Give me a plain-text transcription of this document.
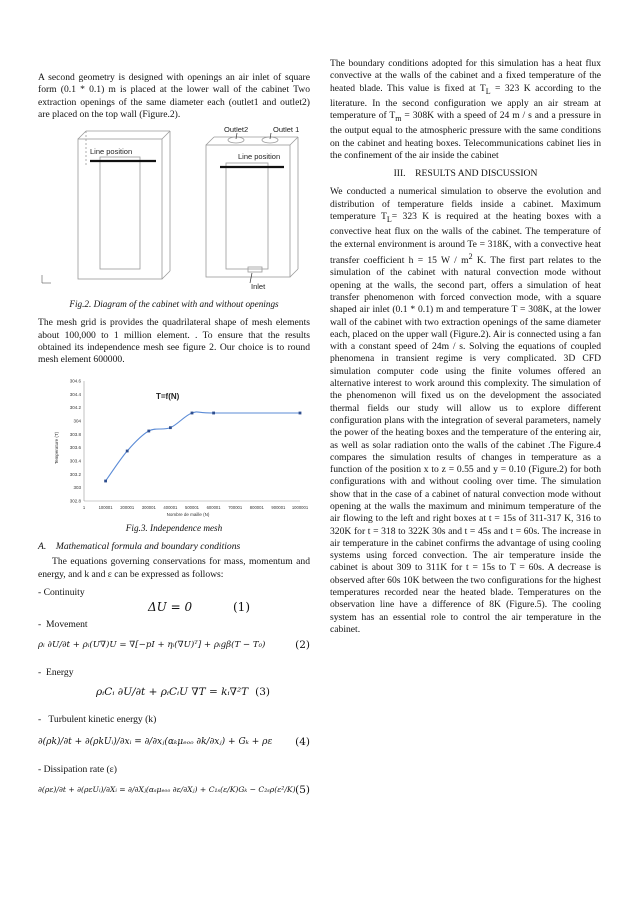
A second geometry is designed with openings an air inlet of square form (0.1 * 0.1) m is placed at the lower wall of the cabinet Two extraction openings of the same diameter each (outlet1 and outlet2) are placed on the top wall (Figure.2).

Line position
Outlet2	Outlet 1
Line position
Inlet
Fig.2. Diagram of the cabinet with and without openings

The mesh grid is provides the quadrilateral shape of mesh elements about 100,000 to 1 million element. . To ensure that the results obtained its independence mesh see figure 2. Our choice is to round mesh element 600000.

302.8
303
303.2
303.4
303.6
303.8
304
304.2
304.4
304.6
1	100001 200001 300001 400001 500001 600001 700001 800001 900001 1000001
T=f(N)
Nombre de maille (N)
Temperature (T)
Fig.3. Independence mesh
A.    Mathematical formula and boundary conditions

The equations governing conservations for mass, momentum and energy, and k and ε can be expressed as follows:

- Continuity
ΔU = 0	(1)
-  Movement
ρᵢ ∂U/∂t + ρᵢ(U∇)U = ∇[−pI + ηᵢ(∇U)ᵀ] + ρᵢgβ(T − T₀)	(2)
-  Energy
ρᵢCᵢ ∂U/∂t + ρᵢCᵢU ∇T = kᵢ∇²T (3)
-   Turbulent kinetic energy (k)
∂(ρk)/∂t + ∂(ρkUᵢ)/∂xᵢ = ∂/∂xⱼ(αₖμₑₒₒ ∂k/∂xⱼ) + Gₖ + ρε (4)
- Dissipation rate (ε)
∂(ρε)/∂t + ∂(ρεUᵢ)/∂Xᵢ = ∂/∂Xⱼ(αₛμₑₒₒ ∂ε/∂Xⱼ) + C₁ₛ(ε/K)Gₖ − C₂ₛρ(ε²/K) (5)

The boundary conditions adopted for this simulation has a heat flux convective at the walls of the cabinet and a fixed temperature of the heated blade. This value is fixed at $T_L = 323$ K according to the literature. In the second configuration we apply an air stream at temperature of $T_m = 308K$ with a speed of 24 m / s and a pressure in the output equal to the atmospheric pressure with the same conditions on the cabinet and heating boxes. Telecommunications cabinet lies in the confinement of the air inside the cabinet

III.    RESULTS AND DISCUSSION

We conducted a numerical simulation to observe the evolution and distribution of temperature fields inside a cabinet. Maximum temperature $T_L= 323$ K is required at the heating boxes with a convective heat flux on the walls of the cabinet. The temperature of the external environment is around Te = 318K, with a convective heat transfer coefficient h = 15 W / $m^2$ K. The first part relates to the simulation of the cabinet with natural convection mode without opening at the walls, the second part, offers a simulation of heat transfer phenomenon with forced convection mode, with a square shaped air inlet (0.1 * 0.1) m and temperature T = 308K, at the lower wall of the cabinet with two extraction openings of the same diameter each, placed on the upper wall (Figure.2). Air is connected using a fan with a constant speed of 24m / s. Solving the equations of coupled phenomena in transient regime is very complicated. 3D CFD simulation computer code using the finite volumes offered an alternative interest to work around this complexity. The simulation of the phenomenon will fixed us on the development the associated thermal fields our study will allow us to explore different configuration plans with the integration of several parameters, namely the power of the heating boxes and the temperature of the entering air, as well as solar radiation onto the walls of the cabinet .The Figure.4 compares the simulation results of changes in temperature as a function of the position x to z = 0.55 and y = 0.10 (Figure.2) for both configurations with and without cooling over time. The simulation show that in the case of a cabinet of natural convection mode without opening at the walls the maximum and minimum temperature of the air flowing to the left and right boxes at t = 15s of 311-317 K, 316 to 320K for t = 318 to 322K 30s and t = 45s and t = 60s. The increase in air temperature in the cabinet confirms the advantage of using cooling systems using forced convection. The air temperature inside the cabinet is about 309 to 311K for t = 15s to T = 60s. A decrease is observed after 60s 10K between the two configurations for the highest temperatures recorded near the heated blade. Temperatures on the observation line have a difference of 8K (Figure.5). The cooling system has an essential role to control the air temperature in the cabinet.
